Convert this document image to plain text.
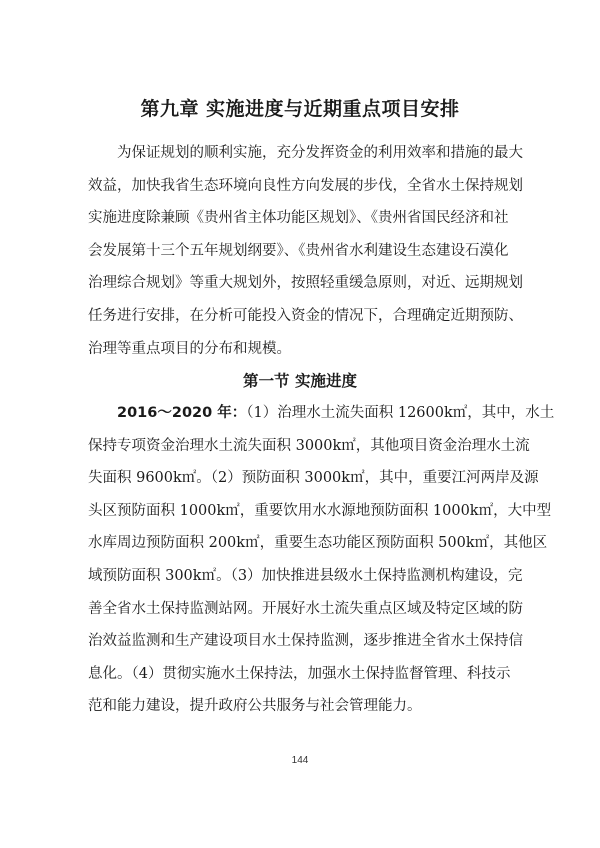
第九章 实施进度与近期重点项目安排

为保证规划的顺利实施，充分发挥资金的利用效率和措施的最大
效益，加快我省生态环境向良性方向发展的步伐，全省水土保持规划
实施进度除兼顾《贵州省主体功能区规划》、《贵州省国民经济和社
会发展第十三个五年规划纲要》、《贵州省水利建设生态建设石漠化
治理综合规划》等重大规划外，按照轻重缓急原则，对近、远期规划
任务进行安排，在分析可能投入资金的情况下，合理确定近期预防、
治理等重点项目的分布和规模。

第一节 实施进度

2016～2020 年：（1）治理水土流失面积 12600k㎡，其中，水土
保持专项资金治理水土流失面积 3000k㎡，其他项目资金治理水土流
失面积 9600k㎡。（2）预防面积 3000k㎡，其中，重要江河两岸及源
头区预防面积 1000k㎡，重要饮用水水源地预防面积 1000k㎡，大中型
水库周边预防面积 200k㎡，重要生态功能区预防面积 500k㎡，其他区
域预防面积 300k㎡。（3）加快推进县级水土保持监测机构建设，完
善全省水土保持监测站网。开展好水土流失重点区域及特定区域的防
治效益监测和生产建设项目水土保持监测，逐步推进全省水土保持信
息化。（4）贯彻实施水土保持法，加强水土保持监督管理、科技示
范和能力建设，提升政府公共服务与社会管理能力。

144
